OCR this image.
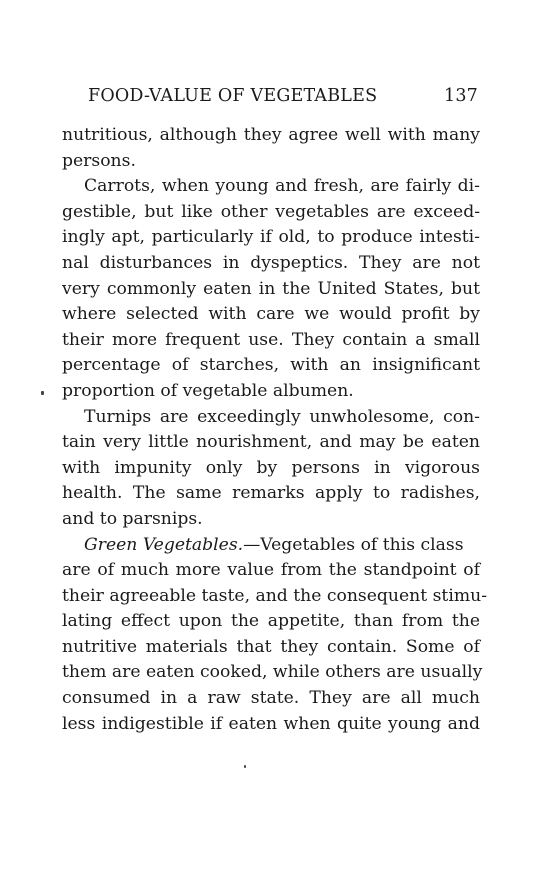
FOOD-VALUE OF VEGETABLES	137
nutritious, although they agree well with many
persons.
Carrots, when young and fresh, are fairly di-
gestible, but like other vegetables are exceed-
ingly apt, particularly if old, to produce intesti-
nal disturbances in dyspeptics. They are not
very commonly eaten in the United States, but
where selected with care we would profit by
their more frequent use. They contain a small
percentage of starches, with an insignificant
proportion of vegetable albumen.
Turnips are exceedingly unwholesome, con-
tain very little nourishment, and may be eaten
with impunity only by persons in vigorous
health. The same remarks apply to radishes,
and to parsnips.
Green Vegetables.—Vegetables of this class
are of much more value from the standpoint of
their agreeable taste, and the consequent stimu-
lating effect upon the appetite, than from the
nutritive materials that they contain. Some of
them are eaten cooked, while others are usually
consumed in a raw state. They are all much
less indigestible if eaten when quite young and
